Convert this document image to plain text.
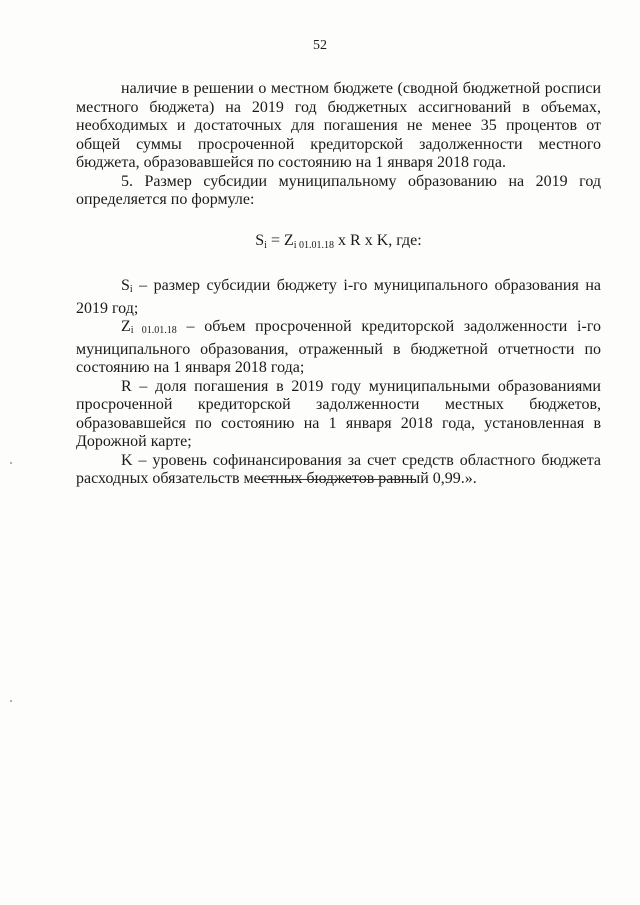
52

наличие в решении о местном бюджете (сводной бюджетной росписи местного бюджета) на 2019 год бюджетных ассигнований в объемах, необходимых и достаточных для погашения не менее 35 процентов от общей суммы просроченной кредиторской задолженности местного бюджета, образовавшейся по состоянию на 1 января 2018 года.

5. Размер субсидии муниципальному образованию на 2019 год определяется по формуле:

$S_i = Z_{i 01.01.18}$ x R x K, где:

$S_i$ – размер субсидии бюджету i-го муниципального образования на 2019 год;

$Z_i$ 01.01.18 – объем просроченной кредиторской задолженности i-го муниципального образования, отраженный в бюджетной отчетности по состоянию на 1 января 2018 года;

R – доля погашения в 2019 году муниципальными образованиями просроченной кредиторской задолженности местных бюджетов, образовавшейся по состоянию на 1 января 2018 года, установленная в Дорожной карте;

K – уровень софинансирования за счет средств областного бюджета расходных обязательств местных бюджетов равный 0,99.».
